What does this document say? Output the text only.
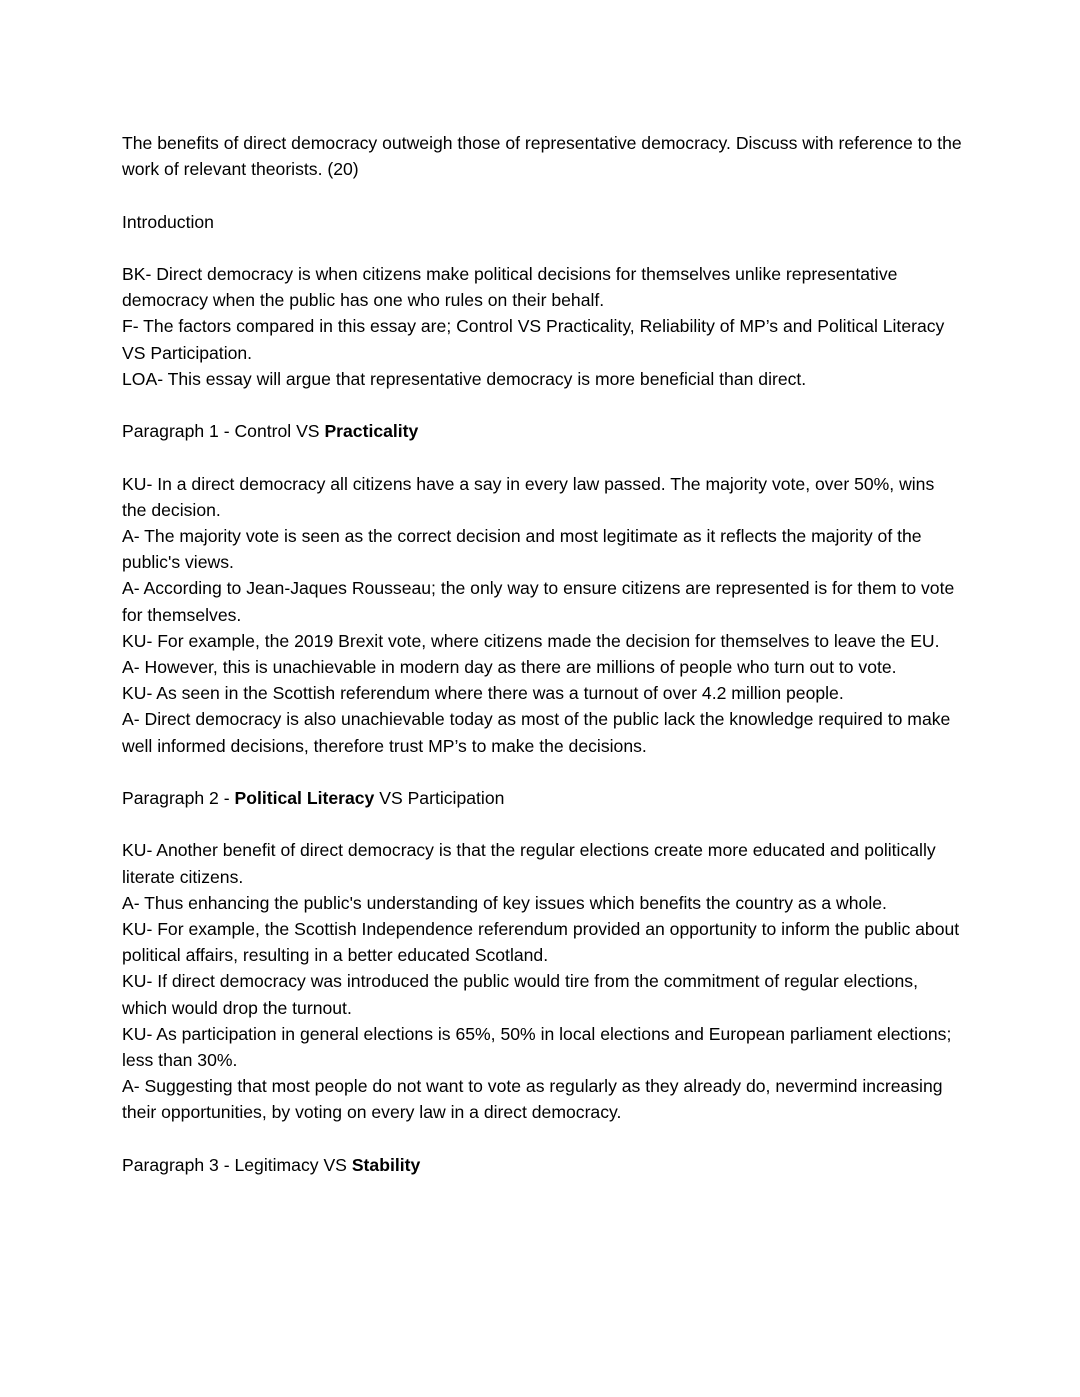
The benefits of direct democracy outweigh those of representative democracy. Discuss with reference to the work of relevant theorists. (20)

Introduction

BK- Direct democracy is when citizens make political decisions for themselves unlike representative democracy when the public has one who rules on their behalf.
F- The factors compared in this essay are; Control VS Practicality, Reliability of MP’s and Political Literacy VS Participation.
LOA- This essay will argue that representative democracy is more beneficial than direct.

Paragraph 1 - Control VS Practicality

KU- In a direct democracy all citizens have a say in every law passed. The majority vote, over 50%, wins the decision.
A- The majority vote is seen as the correct decision and most legitimate as it reflects the majority of the public's views.
A- According to Jean-Jaques Rousseau; the only way to ensure citizens are represented is for them to vote for themselves.
KU- For example, the 2019 Brexit vote, where citizens made the decision for themselves to leave the EU.
A- However, this is unachievable in modern day as there are millions of people who turn out to vote.
KU- As seen in the Scottish referendum where there was a turnout of over 4.2 million people.
A- Direct democracy is also unachievable today as most of the public lack the knowledge required to make well informed decisions, therefore trust MP’s to make the decisions.

Paragraph 2 - Political Literacy VS Participation

KU- Another benefit of direct democracy is that the regular elections create more educated and politically literate citizens.
A- Thus enhancing the public's understanding of key issues which benefits the country as a whole.
KU- For example, the Scottish Independence referendum provided an opportunity to inform the public about political affairs, resulting in a better educated Scotland.
KU- If direct democracy was introduced the public would tire from the commitment of regular elections, which would drop the turnout.
KU- As participation in general elections is 65%, 50% in local elections and European parliament elections; less than 30%.
A- Suggesting that most people do not want to vote as regularly as they already do, nevermind increasing their opportunities, by voting on every law in a direct democracy.

Paragraph 3 - Legitimacy VS Stability
